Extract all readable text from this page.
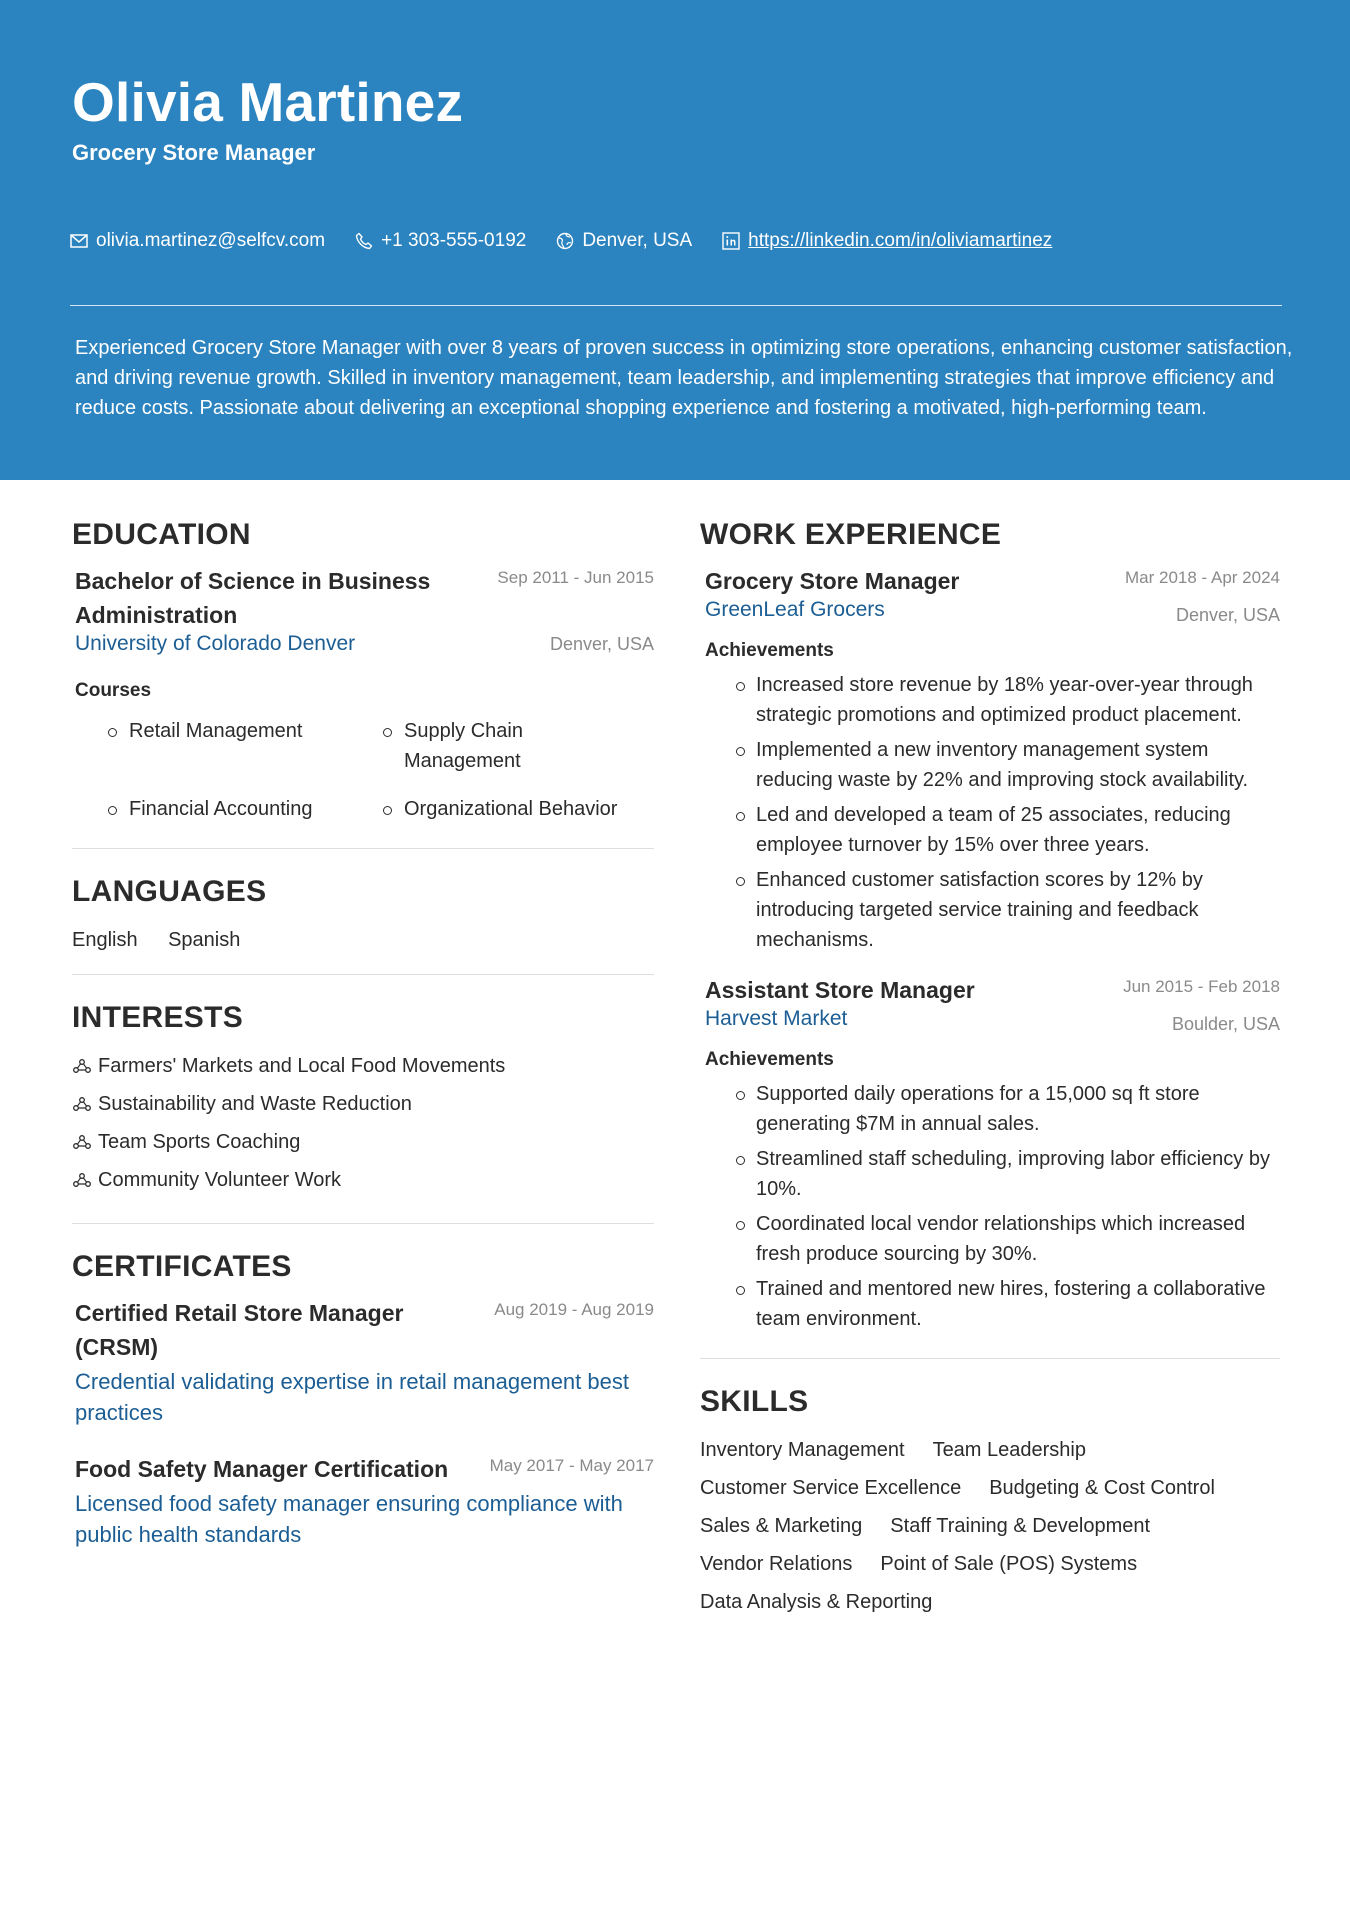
Olivia Martinez
Grocery Store Manager
olivia.martinez@selfcv.com	+1 303-555-0192	Denver, USA	https://linkedin.com/in/oliviamartinez
Experienced Grocery Store Manager with over 8 years of proven success in optimizing store operations, enhancing customer satisfaction, and driving revenue growth. Skilled in inventory management, team leadership, and implementing strategies that improve efficiency and reduce costs. Passionate about delivering an exceptional shopping experience and fostering a motivated, high-performing team.
EDUCATION
Bachelor of Science in Business Administration
Sep 2011 - Jun 2015
University of Colorado Denver	Denver, USA
Courses
Retail Management	Supply Chain Management
Financial Accounting	Organizational Behavior
LANGUAGES
English Spanish
INTERESTS
Farmers' Markets and Local Food Movements
Sustainability and Waste Reduction
Team Sports Coaching
Community Volunteer Work
CERTIFICATES
Certified Retail Store Manager (CRSM)
Aug 2019 - Aug 2019
Credential validating expertise in retail management best practices
Food Safety Manager Certification	May 2017 - May 2017
Licensed food safety manager ensuring compliance with public health standards
WORK EXPERIENCE
Grocery Store Manager	Mar 2018 - Apr 2024
GreenLeaf Grocers	Denver, USA
Achievements
Increased store revenue by 18% year-over-year through strategic promotions and optimized product placement.
Implemented a new inventory management system reducing waste by 22% and improving stock availability.
Led and developed a team of 25 associates, reducing employee turnover by 15% over three years.
Enhanced customer satisfaction scores by 12% by introducing targeted service training and feedback mechanisms.
Assistant Store Manager	Jun 2015 - Feb 2018
Harvest Market	Boulder, USA
Achievements
Supported daily operations for a 15,000 sq ft store generating $7M in annual sales.
Streamlined staff scheduling, improving labor efficiency by 10%.
Coordinated local vendor relationships which increased fresh produce sourcing by 30%.
Trained and mentored new hires, fostering a collaborative team environment.
SKILLS
Inventory Management Team Leadership
Customer Service Excellence Budgeting & Cost Control
Sales & Marketing Staff Training & Development
Vendor Relations Point of Sale (POS) Systems
Data Analysis & Reporting
